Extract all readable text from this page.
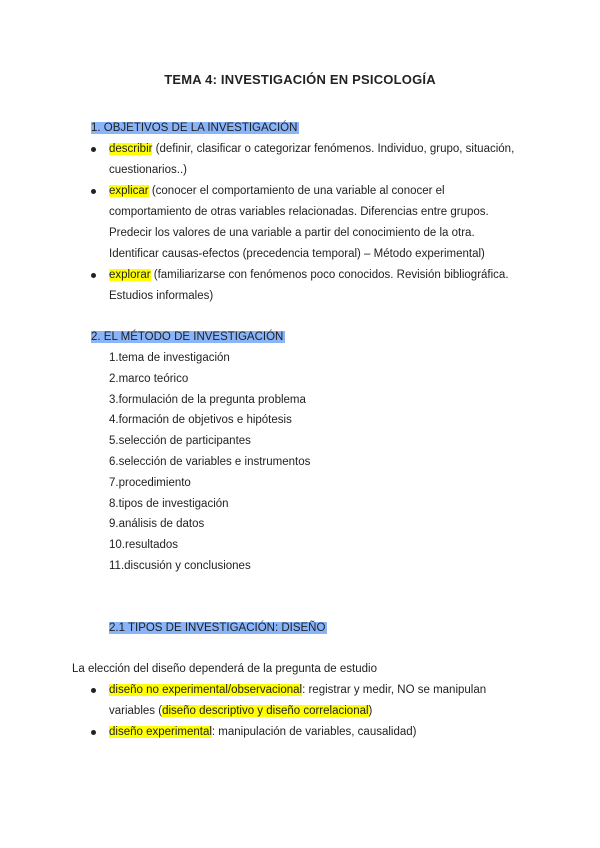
TEMA 4: INVESTIGACIÓN EN PSICOLOGÍA
1. OBJETIVOS DE LA INVESTIGACIÓN
describir (definir, clasificar o categorizar fenómenos. Individuo, grupo, situación, cuestionarios..)
explicar (conocer el comportamiento de una variable al conocer el comportamiento de otras variables relacionadas. Diferencias entre grupos. Predecir los valores de una variable a partir del conocimiento de la otra. Identificar causas-efectos (precedencia temporal) – Método experimental)
explorar (familiarizarse con fenómenos poco conocidos. Revisión bibliográfica. Estudios informales)
2. EL MÉTODO DE INVESTIGACIÓN
1.tema de investigación
2.marco teórico
3.formulación de la pregunta problema
4.formación de objetivos e hipótesis
5.selección de participantes
6.selección de variables e instrumentos
7.procedimiento
8.tipos de investigación
9.análisis de datos
10.resultados
11.discusión y conclusiones
2.1 TIPOS DE INVESTIGACIÓN: DISEÑO
La elección del diseño dependerá de la pregunta de estudio
diseño no experimental/observacional: registrar y medir, NO se manipulan variables (diseño descriptivo y diseño correlacional)
diseño experimental: manipulación de variables, causalidad)
